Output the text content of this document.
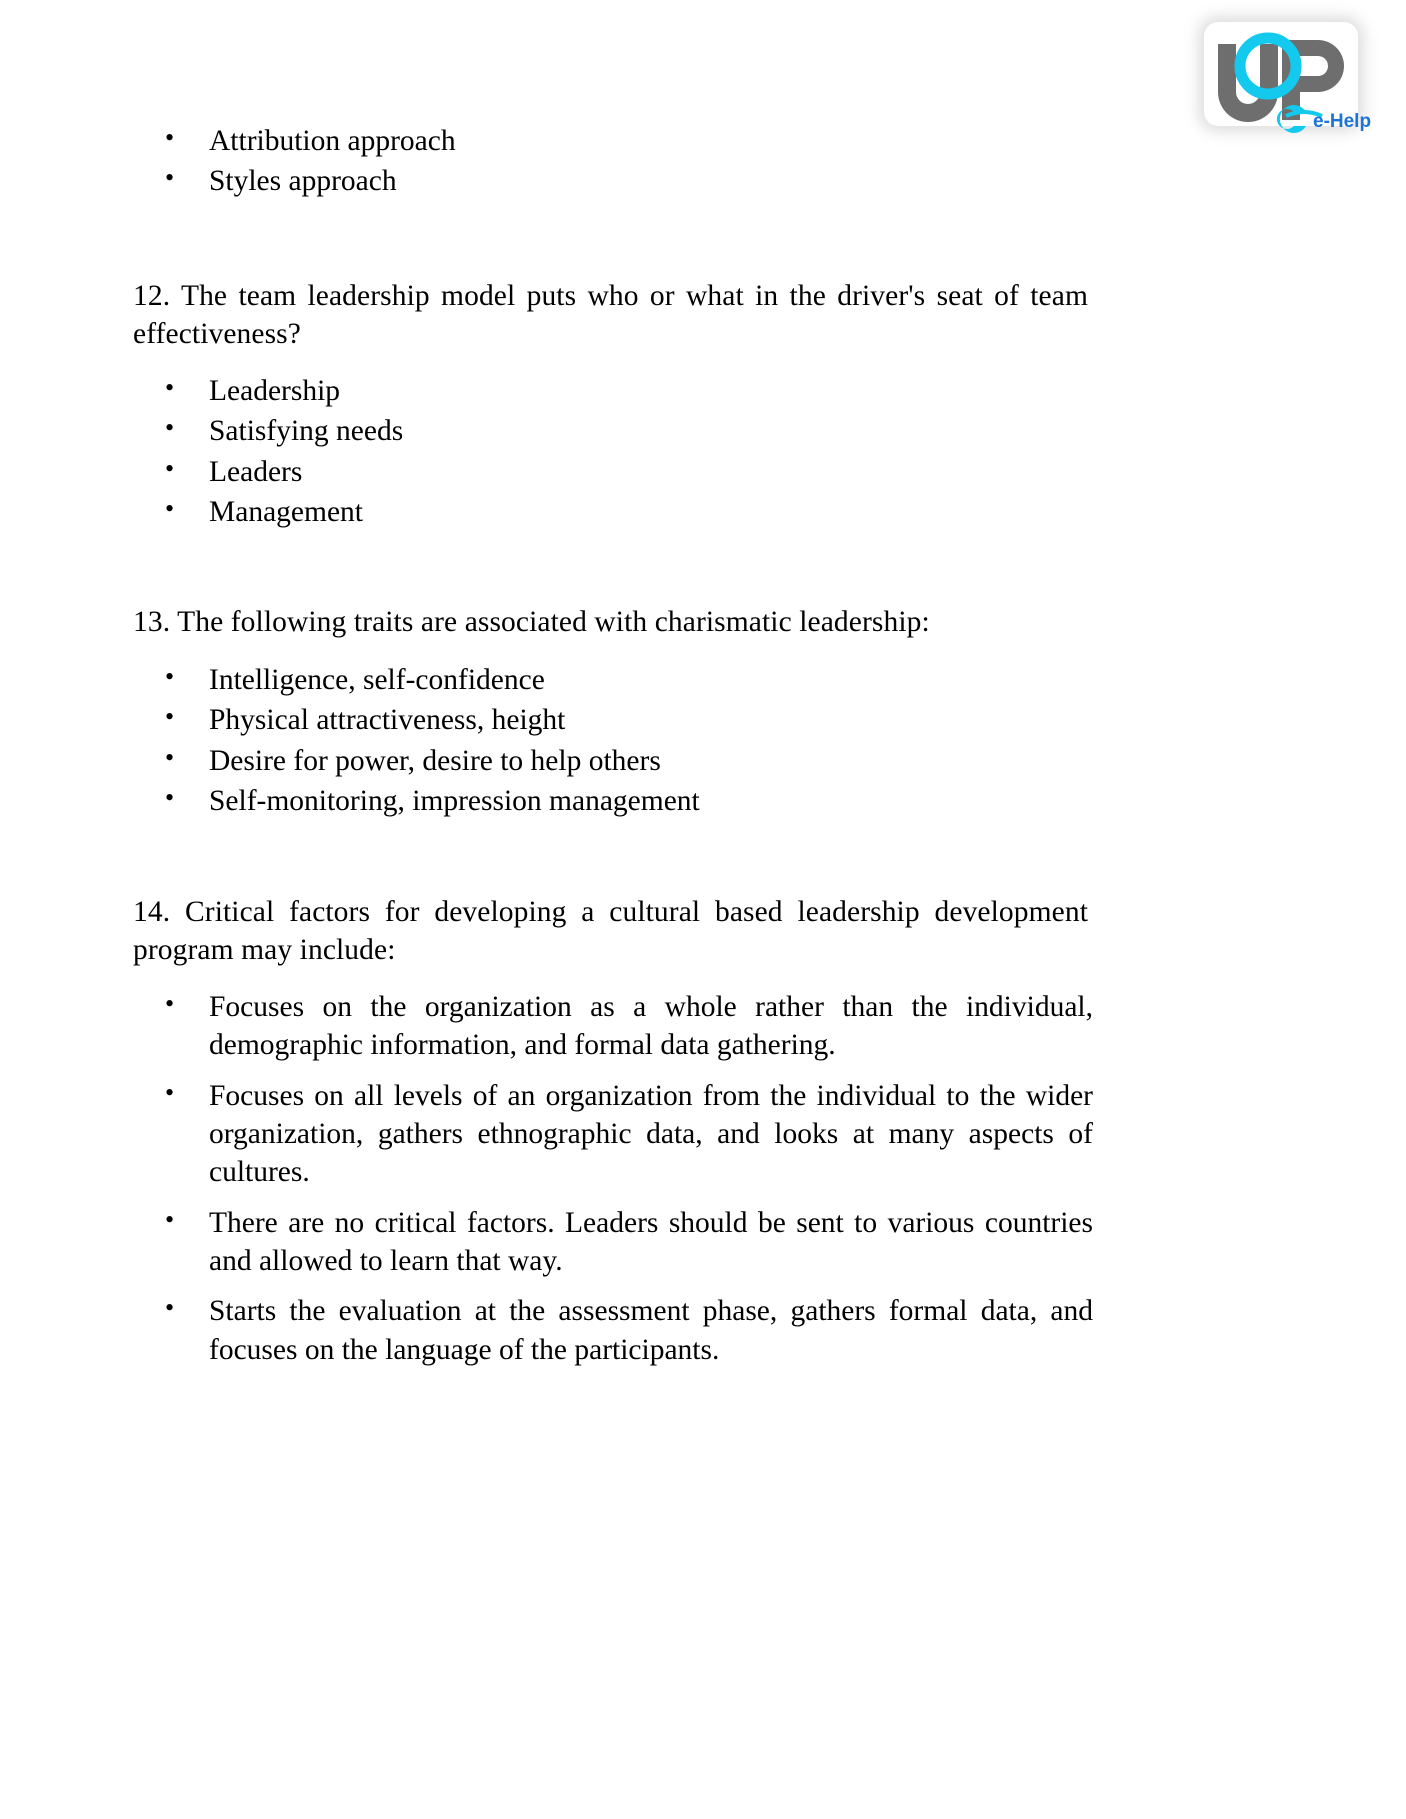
e-Help
• Attribution approach
• Styles approach
12. The team leadership model puts who or what in the driver's seat of team effectiveness?
• Leadership
• Satisfying needs
• Leaders
• Management
13. The following traits are associated with charismatic leadership:
• Intelligence, self-confidence
• Physical attractiveness, height
• Desire for power, desire to help others
• Self-monitoring, impression management
14. Critical factors for developing a cultural based leadership development program may include:
• Focuses on the organization as a whole rather than the individual, demographic information, and formal data gathering.
• Focuses on all levels of an organization from the individual to the wider organization, gathers ethnographic data, and looks at many aspects of cultures.
• There are no critical factors. Leaders should be sent to various countries and allowed to learn that way.
• Starts the evaluation at the assessment phase, gathers formal data, and focuses on the language of the participants.
